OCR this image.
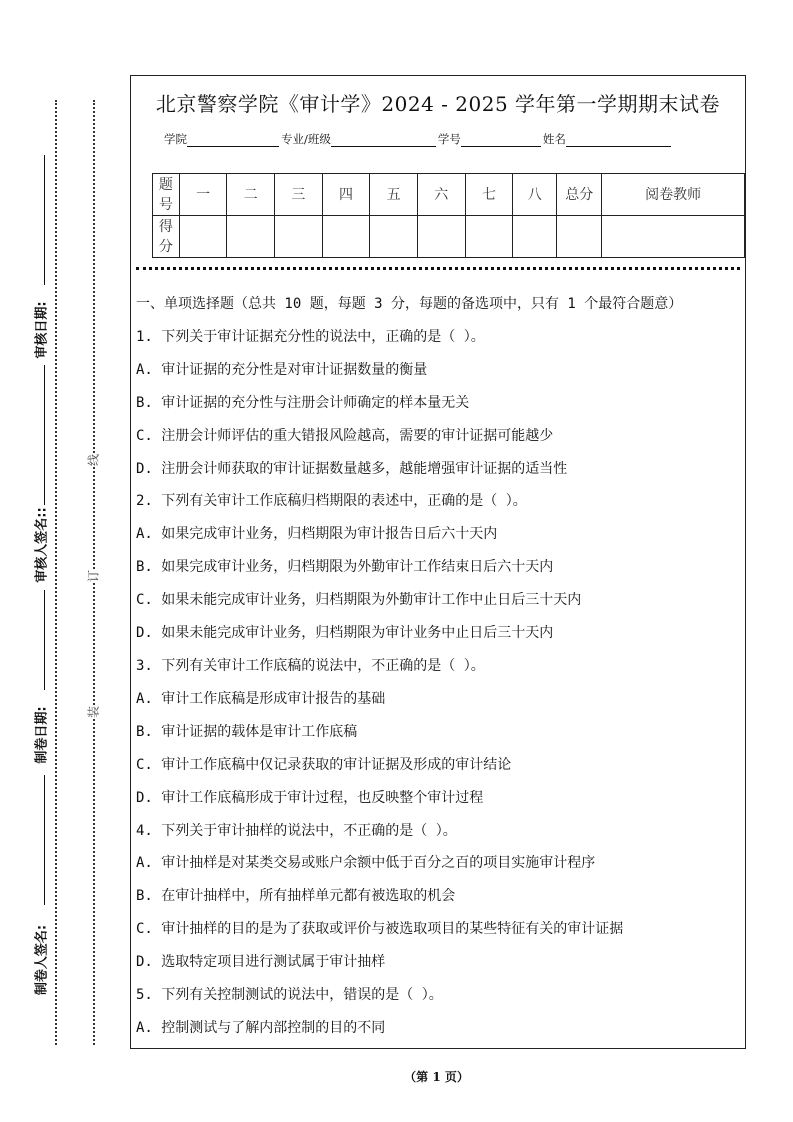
制卷人签名:
制卷日期:
审核人签名::
审核日期:
装
订
线
北京警察学院《审计学》2024 - 2025 学年第一学期期末试卷
学院	专业/班级	学号	姓名
题号	一	二	三	四	五	六	七	八	总分	阅卷教师
得分										
一、单项选择题（总共 10 题，每题 3 分，每题的备选项中，只有 1 个最符合题意）
1. 下列关于审计证据充分性的说法中，正确的是（ ）。
A. 审计证据的充分性是对审计证据数量的衡量
B. 审计证据的充分性与注册会计师确定的样本量无关
C. 注册会计师评估的重大错报风险越高，需要的审计证据可能越少
D. 注册会计师获取的审计证据数量越多，越能增强审计证据的适当性
2. 下列有关审计工作底稿归档期限的表述中，正确的是（ ）。
A. 如果完成审计业务，归档期限为审计报告日后六十天内
B. 如果完成审计业务，归档期限为外勤审计工作结束日后六十天内
C. 如果未能完成审计业务，归档期限为外勤审计工作中止日后三十天内
D. 如果未能完成审计业务，归档期限为审计业务中止日后三十天内
3. 下列有关审计工作底稿的说法中，不正确的是（ ）。
A. 审计工作底稿是形成审计报告的基础
B. 审计证据的载体是审计工作底稿
C. 审计工作底稿中仅记录获取的审计证据及形成的审计结论
D. 审计工作底稿形成于审计过程，也反映整个审计过程
4. 下列关于审计抽样的说法中，不正确的是（ ）。
A. 审计抽样是对某类交易或账户余额中低于百分之百的项目实施审计程序
B. 在审计抽样中，所有抽样单元都有被选取的机会
C. 审计抽样的目的是为了获取或评价与被选取项目的某些特征有关的审计证据
D. 选取特定项目进行测试属于审计抽样
5. 下列有关控制测试的说法中，错误的是（ ）。
A. 控制测试与了解内部控制的目的不同
（第 1 页）
